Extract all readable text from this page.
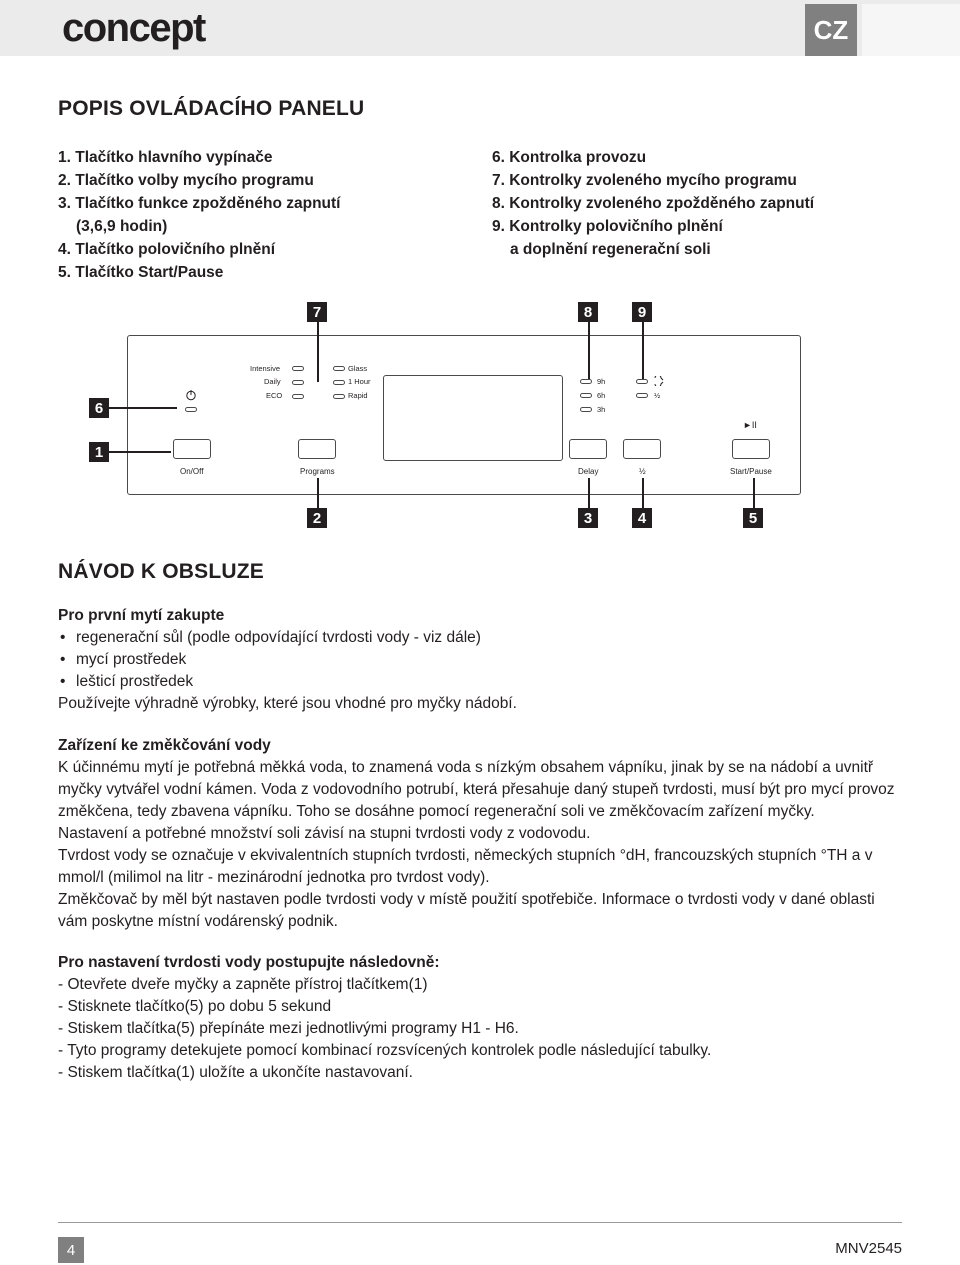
concept	CZ
POPIS OVLÁDACÍHO PANELU
1. Tlačítko hlavního vypínače
2. Tlačítko volby mycího programu
3. Tlačítko funkce zpožděného zapnutí
(3,6,9 hodin)
4. Tlačítko polovičního plnění
5. Tlačítko Start/Pause
6. Kontrolka provozu
7. Kontrolky zvoleného mycího programu
8. Kontrolky zvoleného zpožděného zapnutí
9. Kontrolky polovičního plnění
a doplnění regenerační soli
7	8	9
6
1
2	3	4	5
Intensive
Daily
ECO
Glass
1 Hour
Rapid
9h
6h
3h
½
►II
On/Off	Programs	Delay	½	Start/Pause
NÁVOD K OBSLUZE
Pro první mytí zakupte
• regenerační sůl (podle odpovídající tvrdosti vody - viz dále)
• mycí prostředek
• lešticí prostředek
Používejte výhradně výrobky, které jsou vhodné pro myčky nádobí.
Zařízení ke změkčování vody
K účinnému mytí je potřebná měkká voda, to znamená voda s nízkým obsahem vápníku, jinak by se na nádobí a uvnitř myčky vytvářel vodní kámen. Voda z vodovodního potrubí, která přesahuje daný stupeň tvrdosti, musí být pro mycí provoz změkčena, tedy zbavena vápníku. Toho se dosáhne pomocí regenerační soli ve změkčovacím zařízení myčky.
Nastavení a potřebné množství soli závisí na stupni tvrdosti vody z vodovodu.
Tvrdost vody se označuje v ekvivalentních stupních tvrdosti, německých stupních °dH, francouzských stupních °TH a v mmol/l (milimol na litr - mezinárodní jednotka pro tvrdost vody).
Změkčovač by měl být nastaven podle tvrdosti vody v místě použití spotřebiče. Informace o tvrdosti vody v dané oblasti vám poskytne místní vodárenský podnik.
Pro nastavení tvrdosti vody postupujte následovně:
- Otevřete dveře myčky a zapněte přístroj tlačítkem(1)
- Stisknete tlačítko(5) po dobu 5 sekund
- Stiskem tlačítka(5) přepínáte mezi jednotlivými programy H1 - H6.
- Tyto programy detekujete pomocí kombinací rozsvícených kontrolek podle následující tabulky.
- Stiskem tlačítka(1) uložíte a ukončíte nastavovaní.
4	MNV2545
